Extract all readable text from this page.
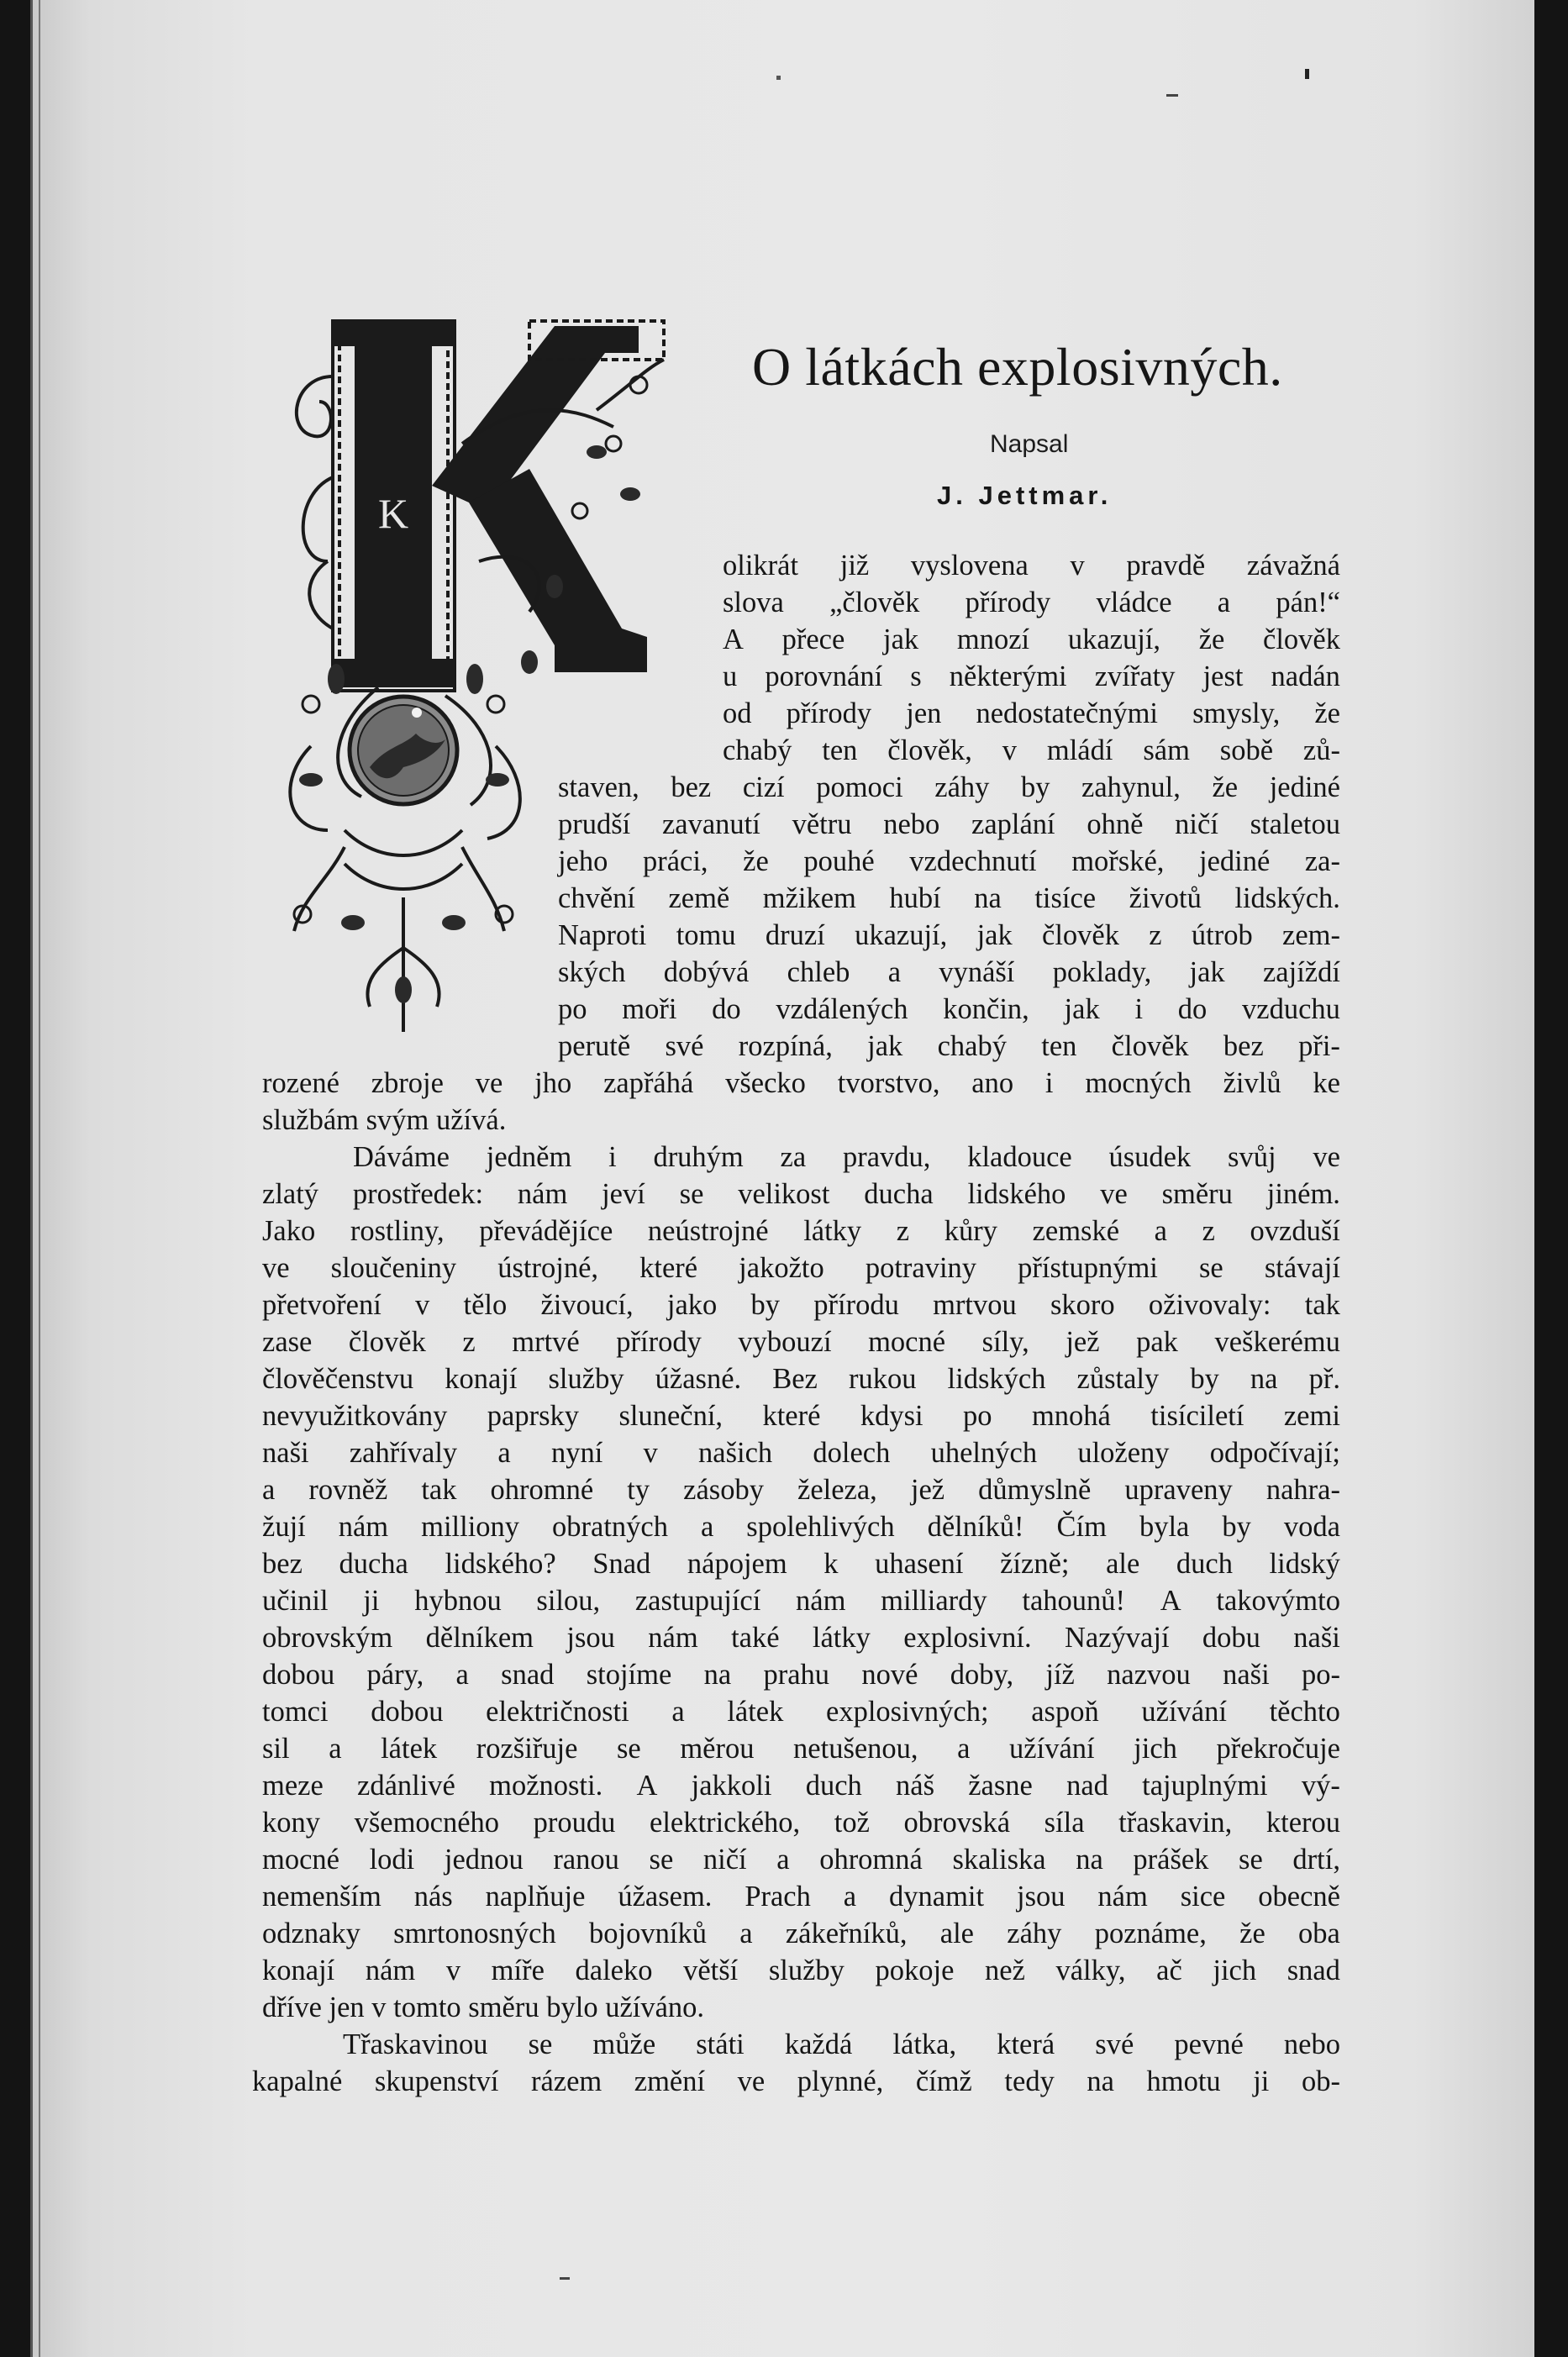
K
O látkách explosivných.
Napsal
J. Jettmar.
olikrát již vyslovena v pravdě závažná
slova „člověk přírody vládce a pán!“
A přece jak mnozí ukazují, že člověk
u porovnání s některými zvířaty jest nadán
od přírody jen nedostatečnými smysly, že
chabý ten člověk, v mládí sám sobě zů-
staven, bez cizí pomoci záhy by zahynul, že jediné
prudší zavanutí větru nebo zaplání ohně ničí staletou
jeho práci, že pouhé vzdechnutí mořské, jediné za-
chvění země mžikem hubí na tisíce životů lidských.
Naproti tomu druzí ukazují, jak člověk z útrob zem-
ských dobývá chleb a vynáší poklady, jak zajíždí
po moři do vzdálených končin, jak i do vzduchu
perutě své rozpíná, jak chabý ten člověk bez při-
rozené zbroje ve jho zapřáhá všecko tvorstvo, ano i mocných živlů ke
službám svým užívá.
Dáváme jedněm i druhým za pravdu, kladouce úsudek svůj ve
zlatý prostředek: nám jeví se velikost ducha lidského ve směru jiném.
Jako rostliny, převádějíce neústrojné látky z kůry zemské a z ovzduší
ve sloučeniny ústrojné, které jakožto potraviny přístupnými se stávají
přetvoření v tělo živoucí, jako by přírodu mrtvou skoro oživovaly: tak
zase člověk z mrtvé přírody vybouzí mocné síly, jež pak veškerému
člověčenstvu konají služby úžasné. Bez rukou lidských zůstaly by na př.
nevyužitkovány paprsky sluneční, které kdysi po mnohá tisíciletí zemi
naši zahřívaly a nyní v našich dolech uhelných uloženy odpočívají;
a rovněž tak ohromné ty zásoby železa, jež důmyslně upraveny nahra-
žují nám milliony obratných a spolehlivých dělníků! Čím byla by voda
bez ducha lidského? Snad nápojem k uhasení žízně; ale duch lidský
učinil ji hybnou silou, zastupující nám milliardy tahounů! A takovýmto
obrovským dělníkem jsou nám také látky explosivní. Nazývají dobu naši
dobou páry, a snad stojíme na prahu nové doby, jíž nazvou naši po-
tomci dobou električnosti a látek explosivných; aspoň užívání těchto
sil a látek rozšiřuje se měrou netušenou, a užívání jich překročuje
meze zdánlivé možnosti. A jakkoli duch náš žasne nad tajuplnými vý-
kony všemocného proudu elektrického, tož obrovská síla třaskavin, kterou
mocné lodi jednou ranou se ničí a ohromná skaliska na prášek se drtí,
nemenším nás naplňuje úžasem. Prach a dynamit jsou nám sice obecně
odznaky smrtonosných bojovníků a zákeřníků, ale záhy poznáme, že oba
konají nám v míře daleko větší služby pokoje než války, ač jich snad
dříve jen v tomto směru bylo užíváno.
Třaskavinou se může státi každá látka, která své pevné nebo
kapalné skupenství rázem změní ve plynné, čímž tedy na hmotu ji ob-
